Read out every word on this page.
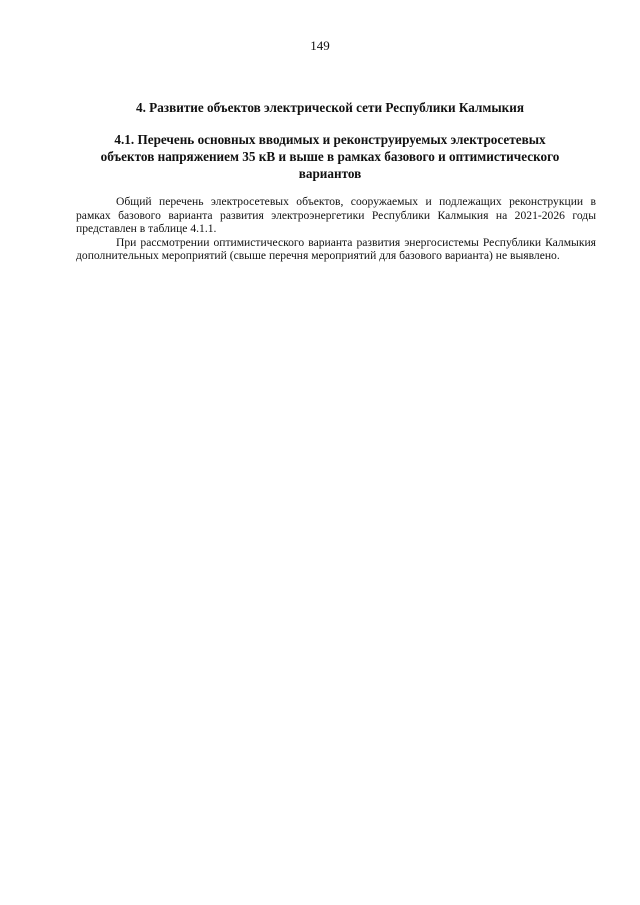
149
4. Развитие объектов электрической сети Республики Калмыкия
4.1. Перечень основных вводимых и реконструируемых электросетевых
объектов напряжением 35 кВ и выше в рамках базового и оптимистического
вариантов

Общий перечень электросетевых объектов, сооружаемых и подлежащих реконструкции в рамках базового варианта развития электроэнергетики Республики Калмыкия на 2021-2026 годы представлен в таблице 4.1.1.

При рассмотрении оптимистического варианта развития энергосистемы Республики Калмыкия дополнительных мероприятий (свыше перечня мероприятий для базового варианта) не выявлено.
